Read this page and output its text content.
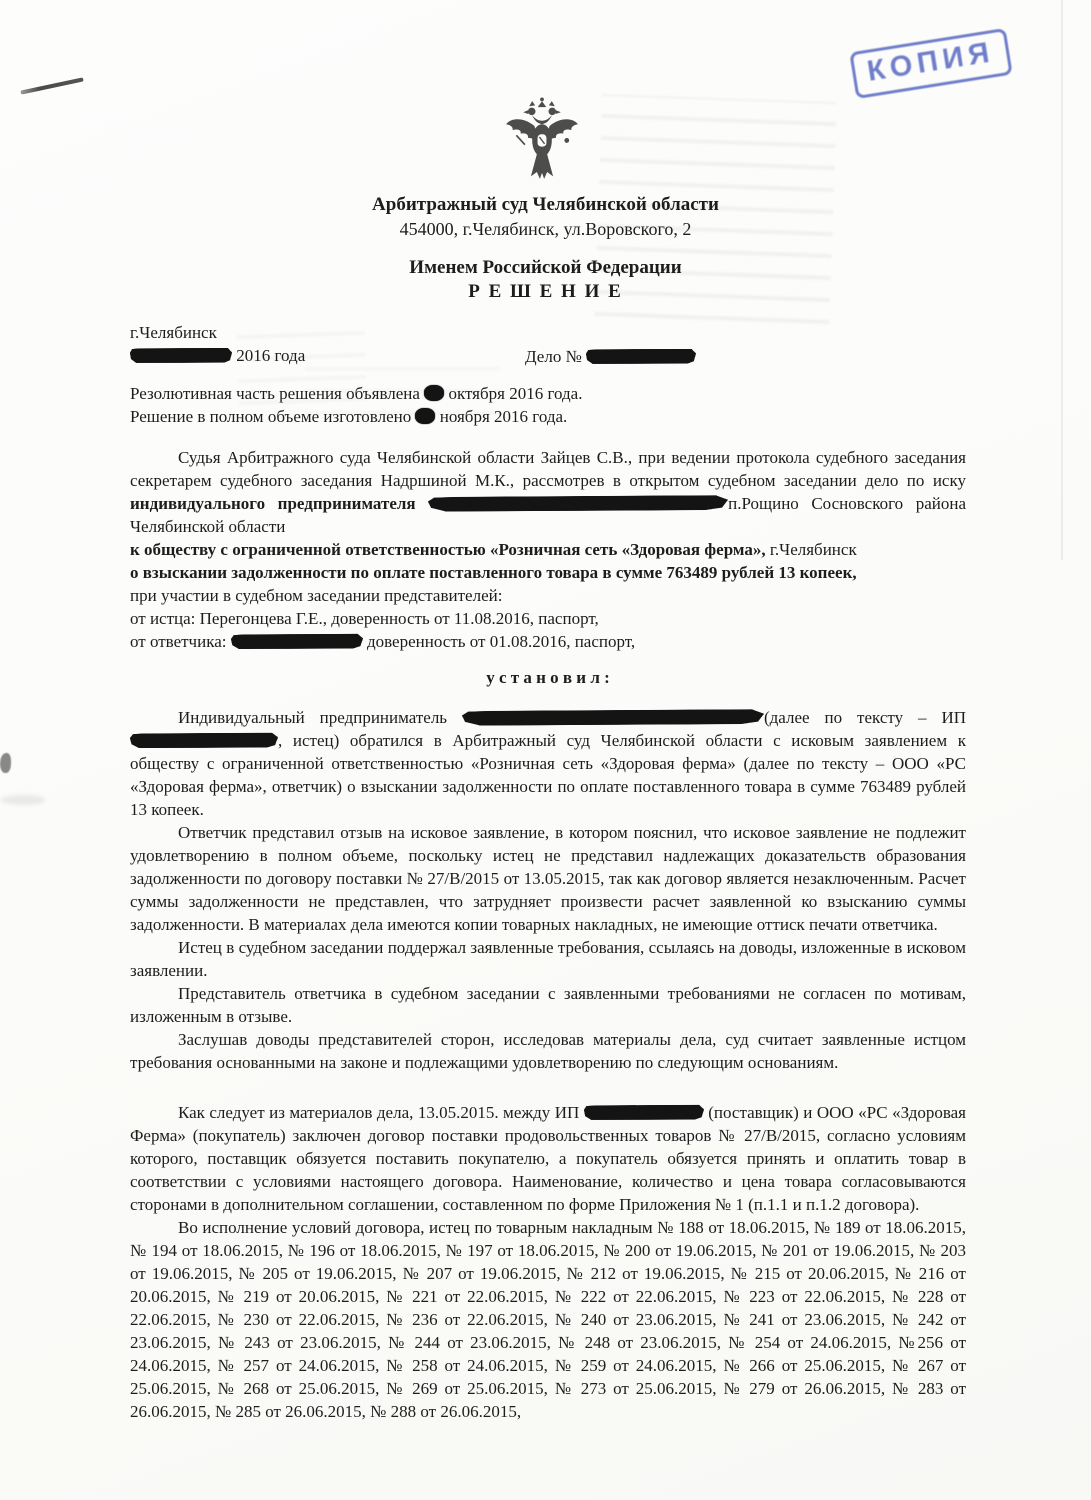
КОПИЯ
Арбитражный суд Челябинской области
454000, г.Челябинск, ул.Воровского, 2
Именем Российской Федерации
Р Е Ш Е Н И Е
г.Челябинск
2016 года	Дело №
Резолютивная часть решения объявлена октября 2016 года.
Решение в полном объеме изготовлено ноября 2016 года.

Судья Арбитражного суда Челябинской области Зайцев С.В., при ведении протокола судебного заседания секретарем судебного заседания Надршиной М.К., рассмотрев в открытом судебном заседании дело по иску индивидуального предпринимателя	п.Рощино Сосновского района Челябинской области

к обществу с ограниченной ответственностью «Розничная сеть «Здоровая ферма», г.Челябинск

о взыскании задолженности по оплате поставленного товара в сумме 763489 рублей 13 копеек,

при участии в судебном заседании представителей:

от истца: Перегонцева Г.Е., доверенность от 11.08.2016, паспорт,

от ответчика:	доверенность от 01.08.2016, паспорт,

у с т а н о в и л :

Индивидуальный предприниматель	(далее по тексту – ИП , истец) обратился в Арбитражный суд Челябинской области с исковым заявлением к обществу с ограниченной ответственностью «Розничная сеть «Здоровая ферма» (далее по тексту – ООО «РС «Здоровая ферма», ответчик) о взыскании задолженности по оплате поставленного товара в сумме 763489 рублей 13 копеек.

Ответчик представил отзыв на исковое заявление, в котором пояснил, что исковое заявление не подлежит удовлетворению в полном объеме, поскольку истец не представил надлежащих доказательств образования задолженности по договору поставки № 27/В/2015 от 13.05.2015, так как договор является незаключенным. Расчет суммы задолженности не представлен, что затрудняет произвести расчет заявленной ко взысканию суммы задолженности. В материалах дела имеются копии товарных накладных, не имеющие оттиск печати ответчика.

Истец в судебном заседании поддержал заявленные требования, ссылаясь на доводы, изложенные в исковом заявлении.

Представитель ответчика в судебном заседании с заявленными требованиями не согласен по мотивам, изложенным в отзыве.

Заслушав доводы представителей сторон, исследовав материалы дела, суд считает заявленные истцом требования основанными на законе и подлежащими удовлетворению по следующим основаниям.

Как следует из материалов дела, 13.05.2015. между ИП	(поставщик) и ООО «РС «Здоровая Ферма» (покупатель) заключен договор поставки продовольственных товаров № 27/В/2015, согласно условиям которого, поставщик обязуется поставить покупателю, а покупатель обязуется принять и оплатить товар в соответствии с условиями настоящего договора. Наименование, количество и цена товара согласовываются сторонами в дополнительном соглашении, составленном по форме Приложения № 1 (п.1.1 и п.1.2 договора).

Во исполнение условий договора, истец по товарным накладным № 188 от 18.06.2015, № 189 от 18.06.2015, № 194 от 18.06.2015, № 196 от 18.06.2015, № 197 от 18.06.2015, № 200 от 19.06.2015, № 201 от 19.06.2015, № 203 от 19.06.2015, № 205 от 19.06.2015, № 207 от 19.06.2015, № 212 от 19.06.2015, № 215 от 20.06.2015, № 216 от 20.06.2015, № 219 от 20.06.2015, № 221 от 22.06.2015, № 222 от 22.06.2015, № 223 от 22.06.2015, № 228 от 22.06.2015, № 230 от 22.06.2015, № 236 от 22.06.2015, № 240 от 23.06.2015, № 241 от 23.06.2015, № 242 от 23.06.2015, № 243 от 23.06.2015, № 244 от 23.06.2015, № 248 от 23.06.2015, № 254 от 24.06.2015, №256 от 24.06.2015, № 257 от 24.06.2015, № 258 от 24.06.2015, № 259 от 24.06.2015, № 266 от 25.06.2015, № 267 от 25.06.2015, № 268 от 25.06.2015, № 269 от 25.06.2015, № 273 от 25.06.2015, № 279 от 26.06.2015, № 283 от 26.06.2015, № 285 от 26.06.2015, № 288 от 26.06.2015,
